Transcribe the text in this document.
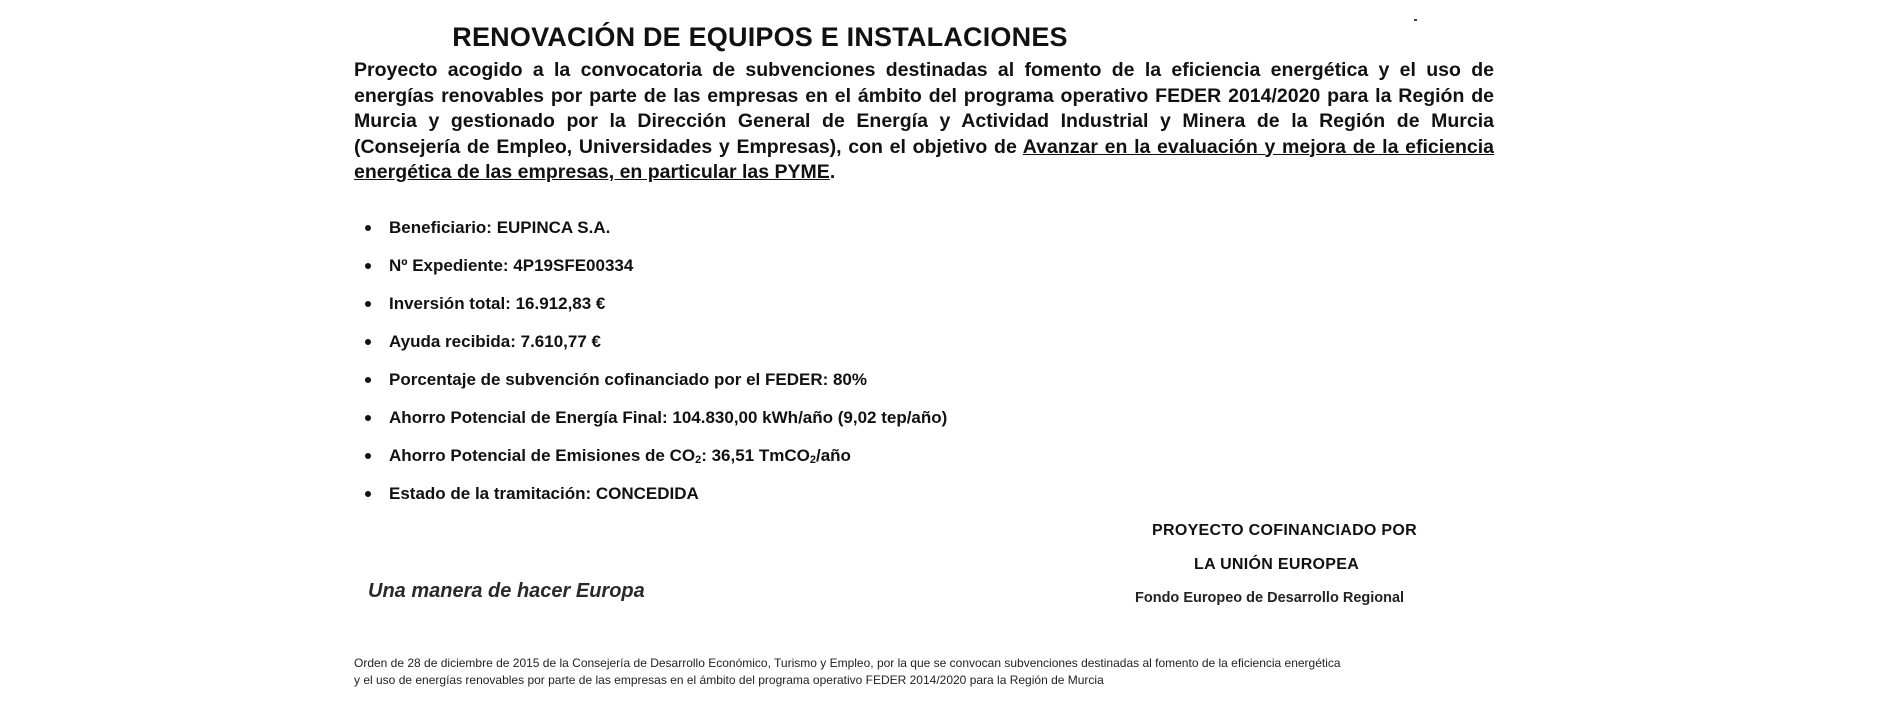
RENOVACIÓN DE EQUIPOS E INSTALACIONES

Proyecto acogido a la convocatoria de subvenciones destinadas al fomento de la eficiencia energética y el uso de energías renovables por parte de las empresas en el ámbito del programa operativo FEDER 2014/2020 para la Región de Murcia y gestionado por la Dirección General de Energía y Actividad Industrial y Minera de la Región de Murcia (Consejería de Empleo, Universidades y Empresas), con el objetivo de Avanzar en la evaluación y mejora de la eficiencia energética de las empresas, en particular las PYME.

Beneficiario: EUPINCA S.A.
Nº Expediente: 4P19SFE00334
Inversión total: 16.912,83 €
Ayuda recibida: 7.610,77 €
Porcentaje de subvención cofinanciado por el FEDER: 80%
Ahorro Potencial de Energía Final: 104.830,00 kWh/año (9,02 tep/año)
Ahorro Potencial de Emisiones de $CO_2$: 36,51 TmCO$_2$/año
Estado de la tramitación: CONCEDIDA
PROYECTO COFINANCIADO POR
LA UNIÓN EUROPEA
Una manera de hacer Europa	Fondo Europeo de Desarrollo Regional
Orden de 28 de diciembre de 2015 de la Consejería de Desarrollo Económico, Turismo y Empleo, por la que se convocan subvenciones destinadas al fomento de la eficiencia energética
y el uso de energías renovables por parte de las empresas en el ámbito del programa operativo FEDER 2014/2020 para la Región de Murcia
